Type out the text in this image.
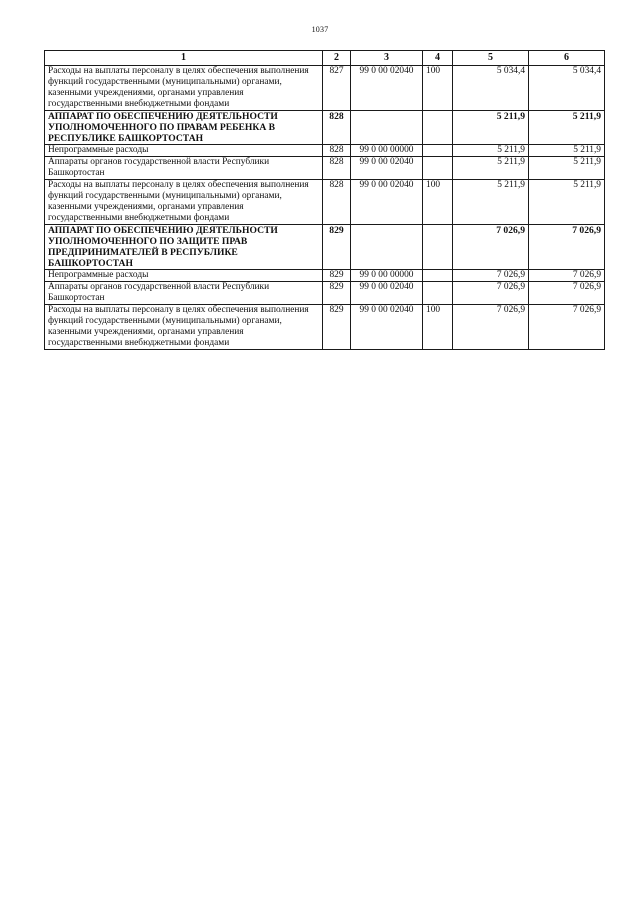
1037
1	2	3	4	5	6
Расходы на выплаты персоналу в целях обеспечения выполнения функций государственными (муниципальными) органами, казенными учреждениями, органами управления государственными внебюджетными фондами	827	99 0 00 02040	100	5 034,4	5 034,4
АППАРАТ ПО ОБЕСПЕЧЕНИЮ ДЕЯТЕЛЬНОСТИ УПОЛНОМОЧЕННОГО ПО ПРАВАМ РЕБЕНКА В РЕСПУБЛИКЕ БАШКОРТОСТАН	828			5 211,9	5 211,9
Непрограммные расходы	828	99 0 00 00000		5 211,9	5 211,9
Аппараты органов государственной власти Республики Башкортостан	828	99 0 00 02040		5 211,9	5 211,9
Расходы на выплаты персоналу в целях обеспечения выполнения функций государственными (муниципальными) органами, казенными учреждениями, органами управления государственными внебюджетными фондами	828	99 0 00 02040	100	5 211,9	5 211,9
АППАРАТ ПО ОБЕСПЕЧЕНИЮ ДЕЯТЕЛЬНОСТИ УПОЛНОМОЧЕННОГО ПО ЗАЩИТЕ ПРАВ ПРЕДПРИНИМАТЕЛЕЙ В РЕСПУБЛИКЕ БАШКОРТОСТАН	829			7 026,9	7 026,9
Непрограммные расходы	829	99 0 00 00000		7 026,9	7 026,9
Аппараты органов государственной власти Республики Башкортостан	829	99 0 00 02040		7 026,9	7 026,9
Расходы на выплаты персоналу в целях обеспечения выполнения функций государственными (муниципальными) органами, казенными учреждениями, органами управления государственными внебюджетными фондами	829	99 0 00 02040	100	7 026,9	7 026,9
